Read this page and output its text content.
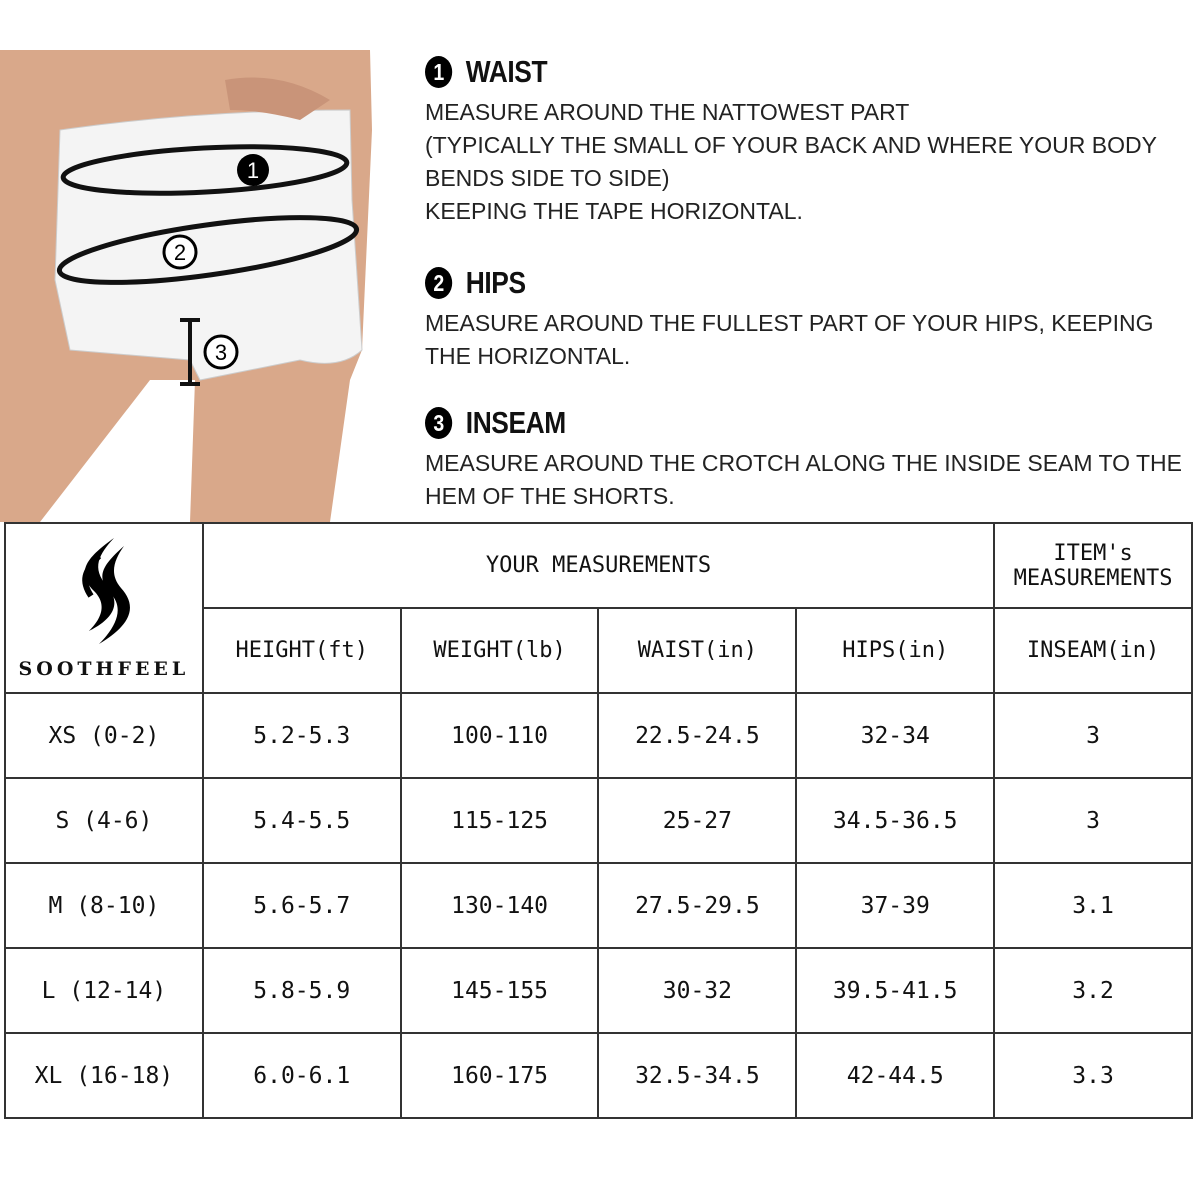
1
2
3
1 WAIST

MEASURE AROUND THE NATTOWEST PART
(TYPICALLY THE SMALL OF YOUR BACK AND WHERE YOUR BODY BENDS SIDE TO SIDE)
KEEPING THE TAPE HORIZONTAL.

2 HIPS

MEASURE AROUND THE FULLEST PART OF YOUR HIPS, KEEPING THE HORIZONTAL.

3 INSEAM

MEASURE AROUND THE CROTCH ALONG THE INSIDE SEAM TO THE HEM OF THE SHORTS.

SOOTHFEEL	YOUR MEASUREMENTS				ITEM's MEASUREMENTS
	HEIGHT(ft)	WEIGHT(lb)	WAIST(in)	HIPS(in)	INSEAM(in)
XS (0-2)	5.2-5.3	100-110	22.5-24.5	32-34	3
S (4-6)	5.4-5.5	115-125	25-27	34.5-36.5	3
M (8-10)	5.6-5.7	130-140	27.5-29.5	37-39	3.1
L (12-14)	5.8-5.9	145-155	30-32	39.5-41.5	3.2
XL (16-18)	6.0-6.1	160-175	32.5-34.5	42-44.5	3.3
